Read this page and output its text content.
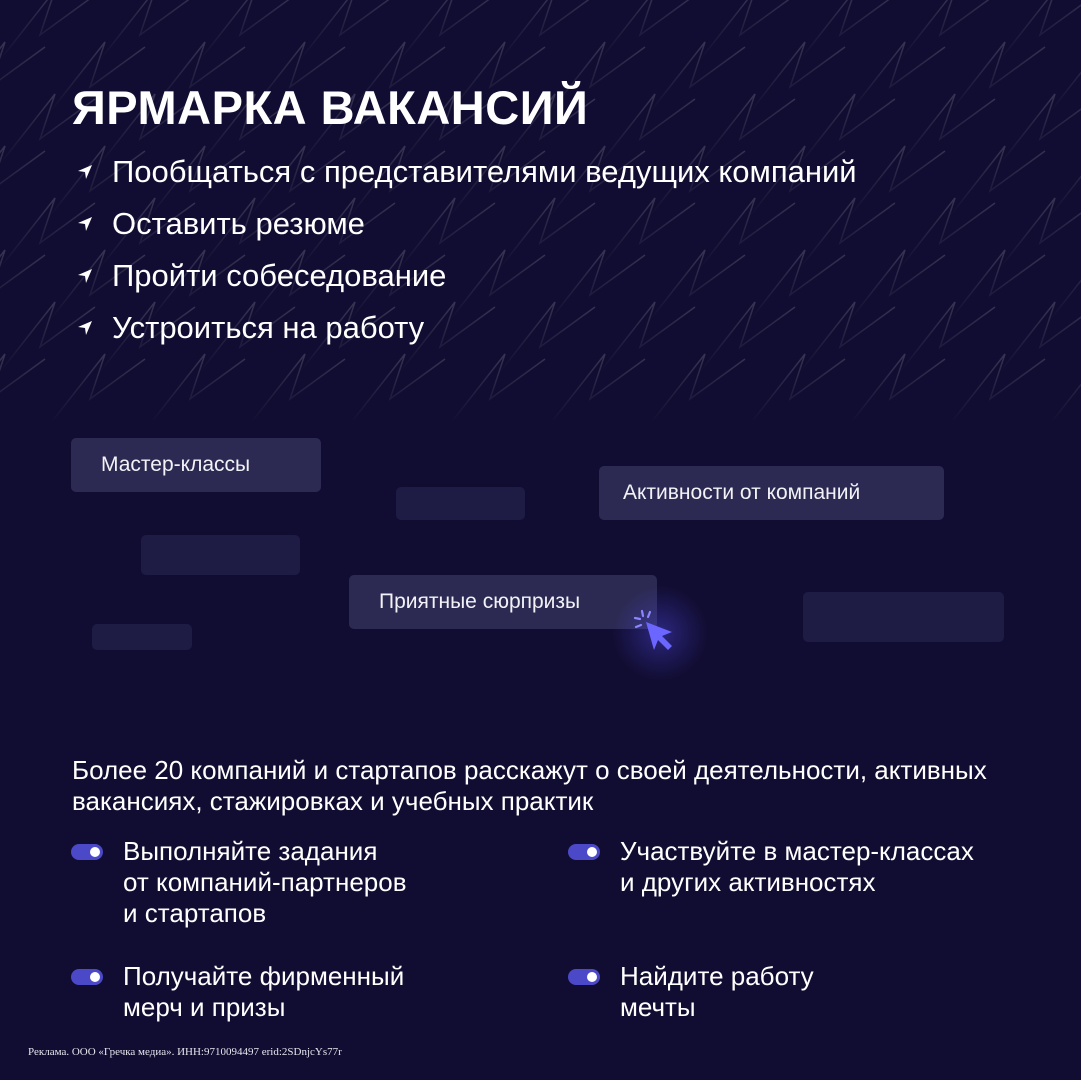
ЯРМАРКА ВАКАНСИЙ
Пообщаться с представителями ведущих компаний
Оставить резюме
Пройти собеседование
Устроиться на работу
Мастер-классы
Активности от компаний
Приятные сюрпризы

Более 20 компаний и стартапов расскажут о своей деятельности, активных вакансиях, стажировках и учебных практик

Выполняйте задания
от компаний-партнеров
и стартапов
Участвуйте в мастер-классах
и других активностях
Получайте фирменный
мерч и призы
Найдите работу
мечты
Реклама. ООО «Гречка медиа». ИНН:9710094497 erid:2SDnjcYs77r
